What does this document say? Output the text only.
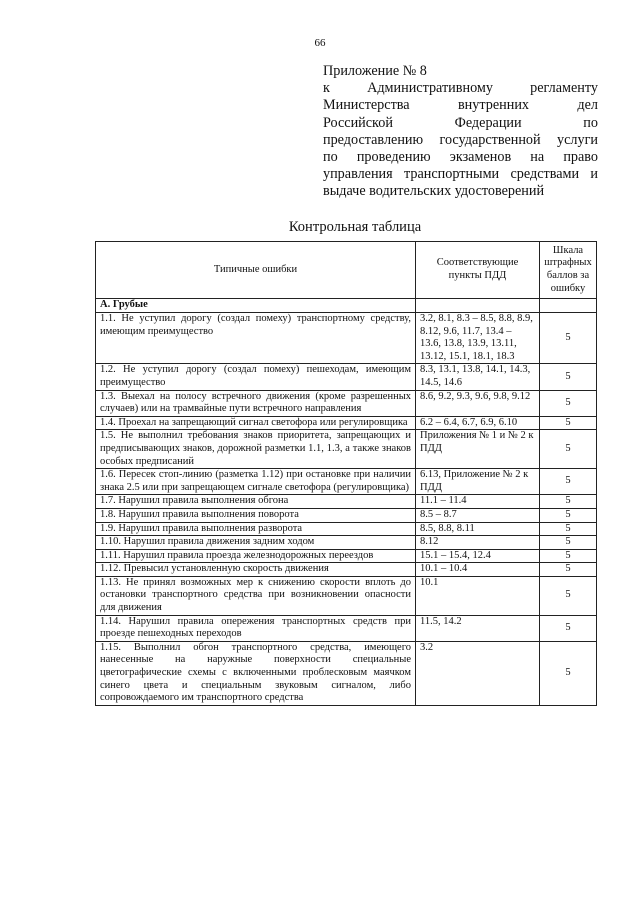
66
Приложение № 8
к Административному регламенту
Министерства внутренних дел
Российской Федерации по
предоставлению государственной услуги
по проведению экзаменов на право
управления транспортными средствами и
выдаче водительских удостоверений
Контрольная таблица
Типичные ошибки	Соответствующие пункты ПДД	Шкала штрафных баллов за ошибку
А. Грубые		
1.1. Не уступил дорогу (создал помеху) транспортному средству, имеющим преимущество	3.2, 8.1, 8.3 – 8.5, 8.8, 8.9, 8.12, 9.6, 11.7, 13.4 – 13.6, 13.8, 13.9, 13.11, 13.12, 15.1, 18.1, 18.3	5
1.2. Не уступил дорогу (создал помеху) пешеходам, имеющим преимущество	8.3, 13.1, 13.8, 14.1, 14.3, 14.5, 14.6	5
1.3. Выехал на полосу встречного движения (кроме разрешенных случаев) или на трамвайные пути встречного направления	8.6, 9.2, 9.3, 9.6, 9.8, 9.12	5
1.4. Проехал на запрещающий сигнал светофора или регулировщика	6.2 – 6.4, 6.7, 6.9, 6.10	5
1.5. Не выполнил требования знаков приоритета, запрещающих и предписывающих знаков, дорожной разметки 1.1, 1.3, а также знаков особых предписаний	Приложения № 1 и № 2 к ПДД	5
1.6. Пересек стоп-линию (разметка 1.12) при остановке при наличии знака 2.5 или при запрещающем сигнале светофора (регулировщика)	6.13, Приложение № 2 к ПДД	5
1.7. Нарушил правила выполнения обгона	11.1 – 11.4	5
1.8. Нарушил правила выполнения поворота	8.5 – 8.7	5
1.9. Нарушил правила выполнения разворота	8.5, 8.8, 8.11	5
1.10. Нарушил правила движения задним ходом	8.12	5
1.11. Нарушил правила проезда железнодорожных переездов	15.1 – 15.4, 12.4	5
1.12. Превысил установленную скорость движения	10.1 – 10.4	5
1.13. Не принял возможных мер к снижению скорости вплоть до остановки транспортного средства при возникновении опасности для движения	10.1	5
1.14. Нарушил правила опережения транспортных средств при проезде пешеходных переходов	11.5, 14.2	5
1.15. Выполнил обгон транспортного средства, имеющего нанесенные на наружные поверхности специальные цветографические схемы с включенными проблесковым маячком синего цвета и специальным звуковым сигналом, либо сопровождаемого им транспортного средства	3.2	5
